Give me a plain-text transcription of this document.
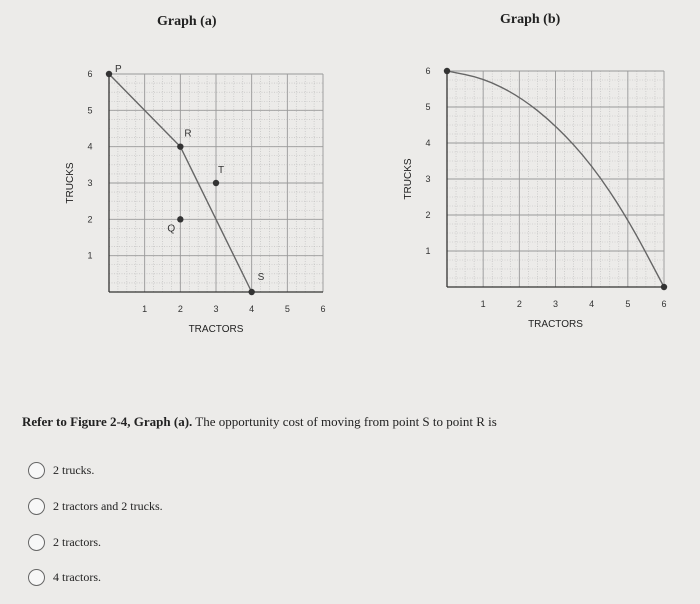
Graph (a)	Graph (b)
1	2	3	4	5	6
1
2
3
4
5
6
TRACTORS
TRUCKS
P
R
T
Q
S
1	2	3	4	5	6
1
2
3
4
5
6
TRACTORS
TRUCKS
Refer to Figure 2-4, Graph (a). The opportunity cost of moving from point S to point R is
2 trucks.
2 tractors and 2 trucks.
2 tractors.
4 tractors.
